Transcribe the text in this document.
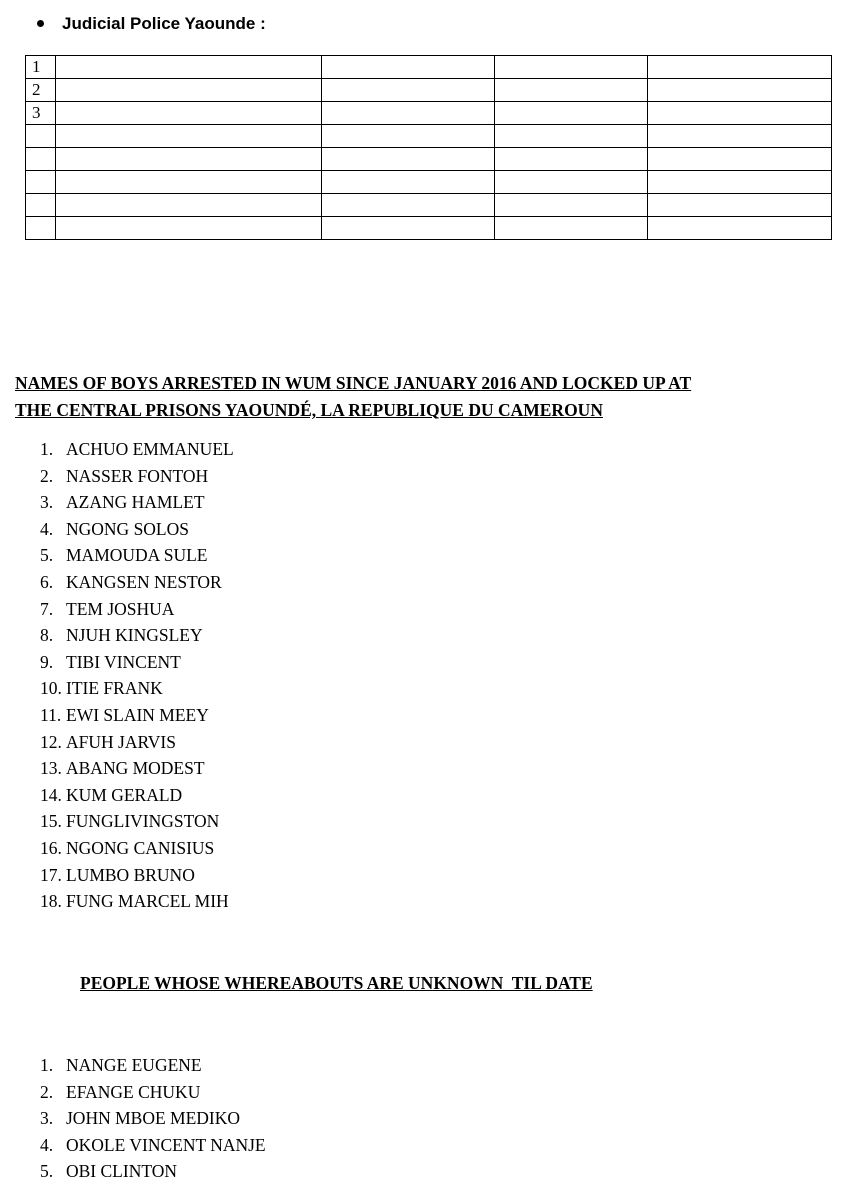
Judicial Police Yaounde :
1				
2				
3				

NAMES OF BOYS ARRESTED IN WUM SINCE JANUARY 2016 AND LOCKED UP AT
THE CENTRAL PRISONS YAOUNDÉ, LA REPUBLIQUE DU CAMEROUN
1. ACHUO EMMANUEL
2. NASSER FONTOH
3. AZANG HAMLET
4. NGONG SOLOS
5. MAMOUDA SULE
6. KANGSEN NESTOR
7. TEM JOSHUA
8. NJUH KINGSLEY
9. TIBI VINCENT
10. ITIE FRANK
11. EWI SLAIN MEEY
12. AFUH JARVIS
13. ABANG MODEST
14. KUM GERALD
15. FUNGLIVINGSTON
16. NGONG CANISIUS
17. LUMBO BRUNO
18. FUNG MARCEL MIH
PEOPLE WHOSE WHEREABOUTS ARE UNKNOWN  TIL DATE
1. NANGE EUGENE
2. EFANGE CHUKU
3. JOHN MBOE MEDIKO
4. OKOLE VINCENT NANJE
5. OBI CLINTON
